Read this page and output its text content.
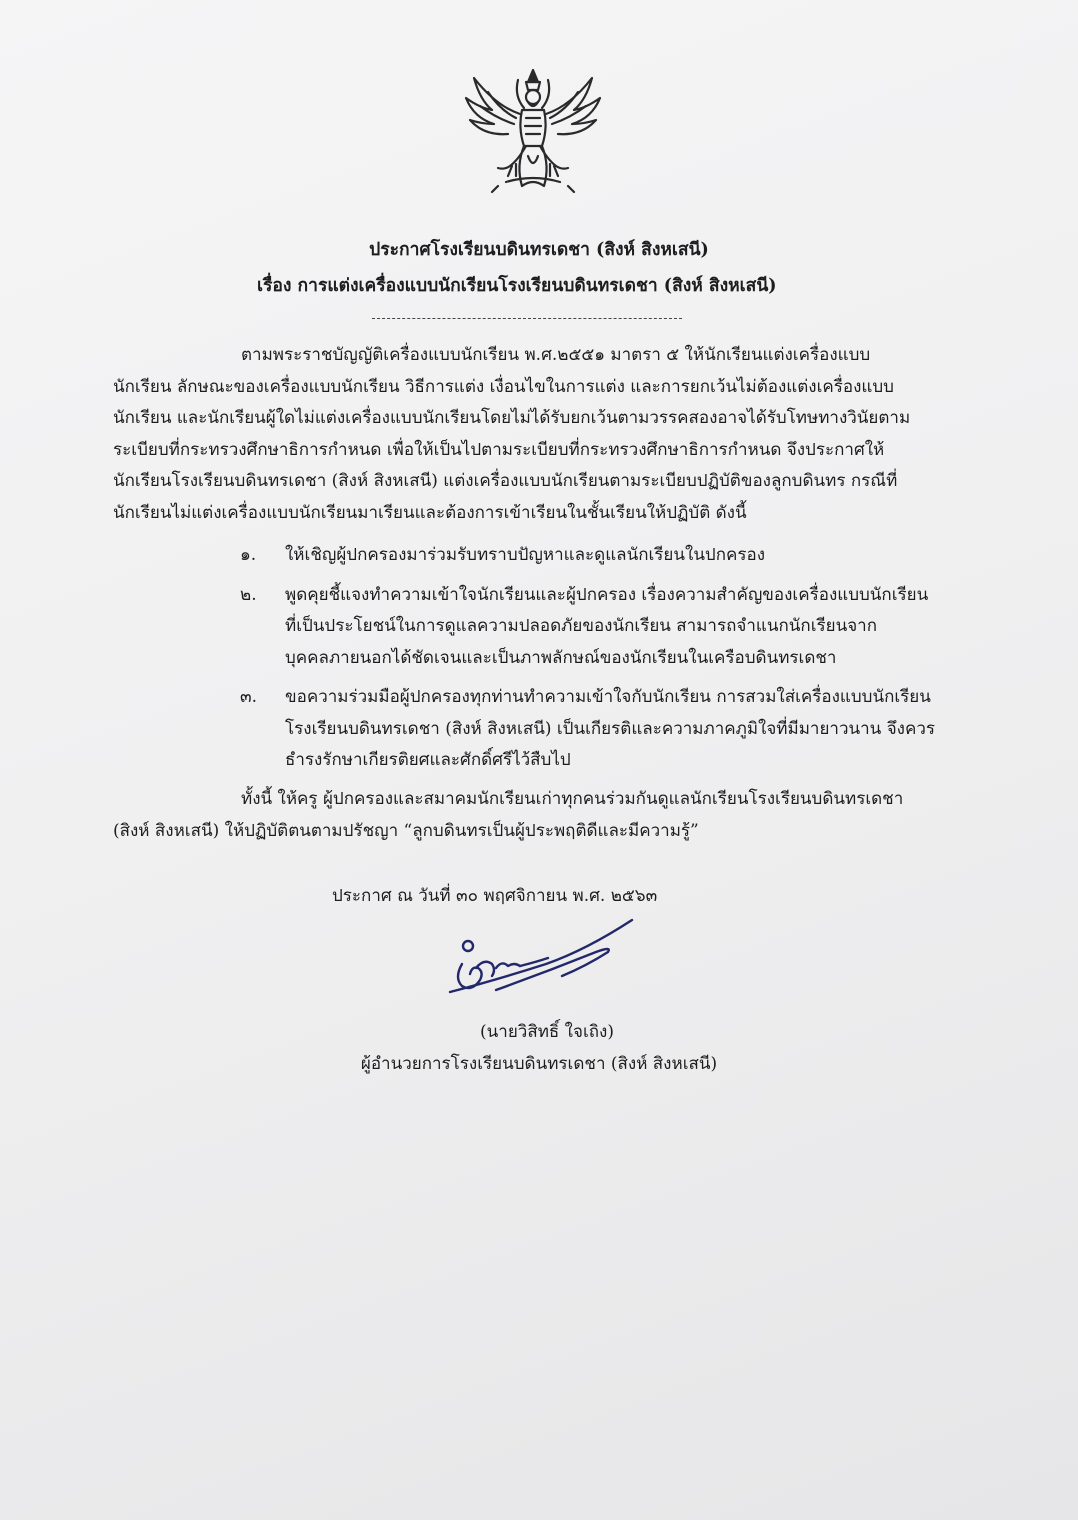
ประกาศโรงเรียนบดินทรเดชา (สิงห์ สิงหเสนี)
เรื่อง การแต่งเครื่องแบบนักเรียนโรงเรียนบดินทรเดชา (สิงห์ สิงหเสนี)
ตามพระราชบัญญัติเครื่องแบบนักเรียน พ.ศ.๒๕๕๑ มาตรา ๕ ให้นักเรียนแต่งเครื่องแบบ
นักเรียน ลักษณะของเครื่องแบบนักเรียน วิธีการแต่ง เงื่อนไขในการแต่ง และการยกเว้นไม่ต้องแต่งเครื่องแบบ
นักเรียน และนักเรียนผู้ใดไม่แต่งเครื่องแบบนักเรียนโดยไม่ได้รับยกเว้นตามวรรคสองอาจได้รับโทษทางวินัยตาม
ระเบียบที่กระทรวงศึกษาธิการกำหนด เพื่อให้เป็นไปตามระเบียบที่กระทรวงศึกษาธิการกำหนด จึงประกาศให้
นักเรียนโรงเรียนบดินทรเดชา (สิงห์ สิงหเสนี) แต่งเครื่องแบบนักเรียนตามระเบียบปฏิบัติของลูกบดินทร กรณีที่
นักเรียนไม่แต่งเครื่องแบบนักเรียนมาเรียนและต้องการเข้าเรียนในชั้นเรียนให้ปฏิบัติ ดังนี้
๑.	ให้เชิญผู้ปกครองมาร่วมรับทราบปัญหาและดูแลนักเรียนในปกครอง
๒.	พูดคุยชี้แจงทำความเข้าใจนักเรียนและผู้ปกครอง เรื่องความสำคัญของเครื่องแบบนักเรียน
ที่เป็นประโยชน์ในการดูแลความปลอดภัยของนักเรียน สามารถจำแนกนักเรียนจาก
บุคคลภายนอกได้ชัดเจนและเป็นภาพลักษณ์ของนักเรียนในเครือบดินทรเดชา
๓.	ขอความร่วมมือผู้ปกครองทุกท่านทำความเข้าใจกับนักเรียน การสวมใส่เครื่องแบบนักเรียน
โรงเรียนบดินทรเดชา (สิงห์ สิงหเสนี) เป็นเกียรติและความภาคภูมิใจที่มีมายาวนาน จึงควร
ธำรงรักษาเกียรติยศและศักดิ์ศรีไว้สืบไป
ทั้งนี้ ให้ครู ผู้ปกครองและสมาคมนักเรียนเก่าทุกคนร่วมกันดูแลนักเรียนโรงเรียนบดินทรเดชา
(สิงห์ สิงหเสนี) ให้ปฏิบัติตนตามปรัชญา “ลูกบดินทรเป็นผู้ประพฤติดีและมีความรู้”
ประกาศ ณ วันที่ ๓๐ พฤศจิกายน พ.ศ. ๒๕๖๓
(นายวิสิทธิ์ ใจเถิง)
ผู้อำนวยการโรงเรียนบดินทรเดชา (สิงห์ สิงหเสนี)
